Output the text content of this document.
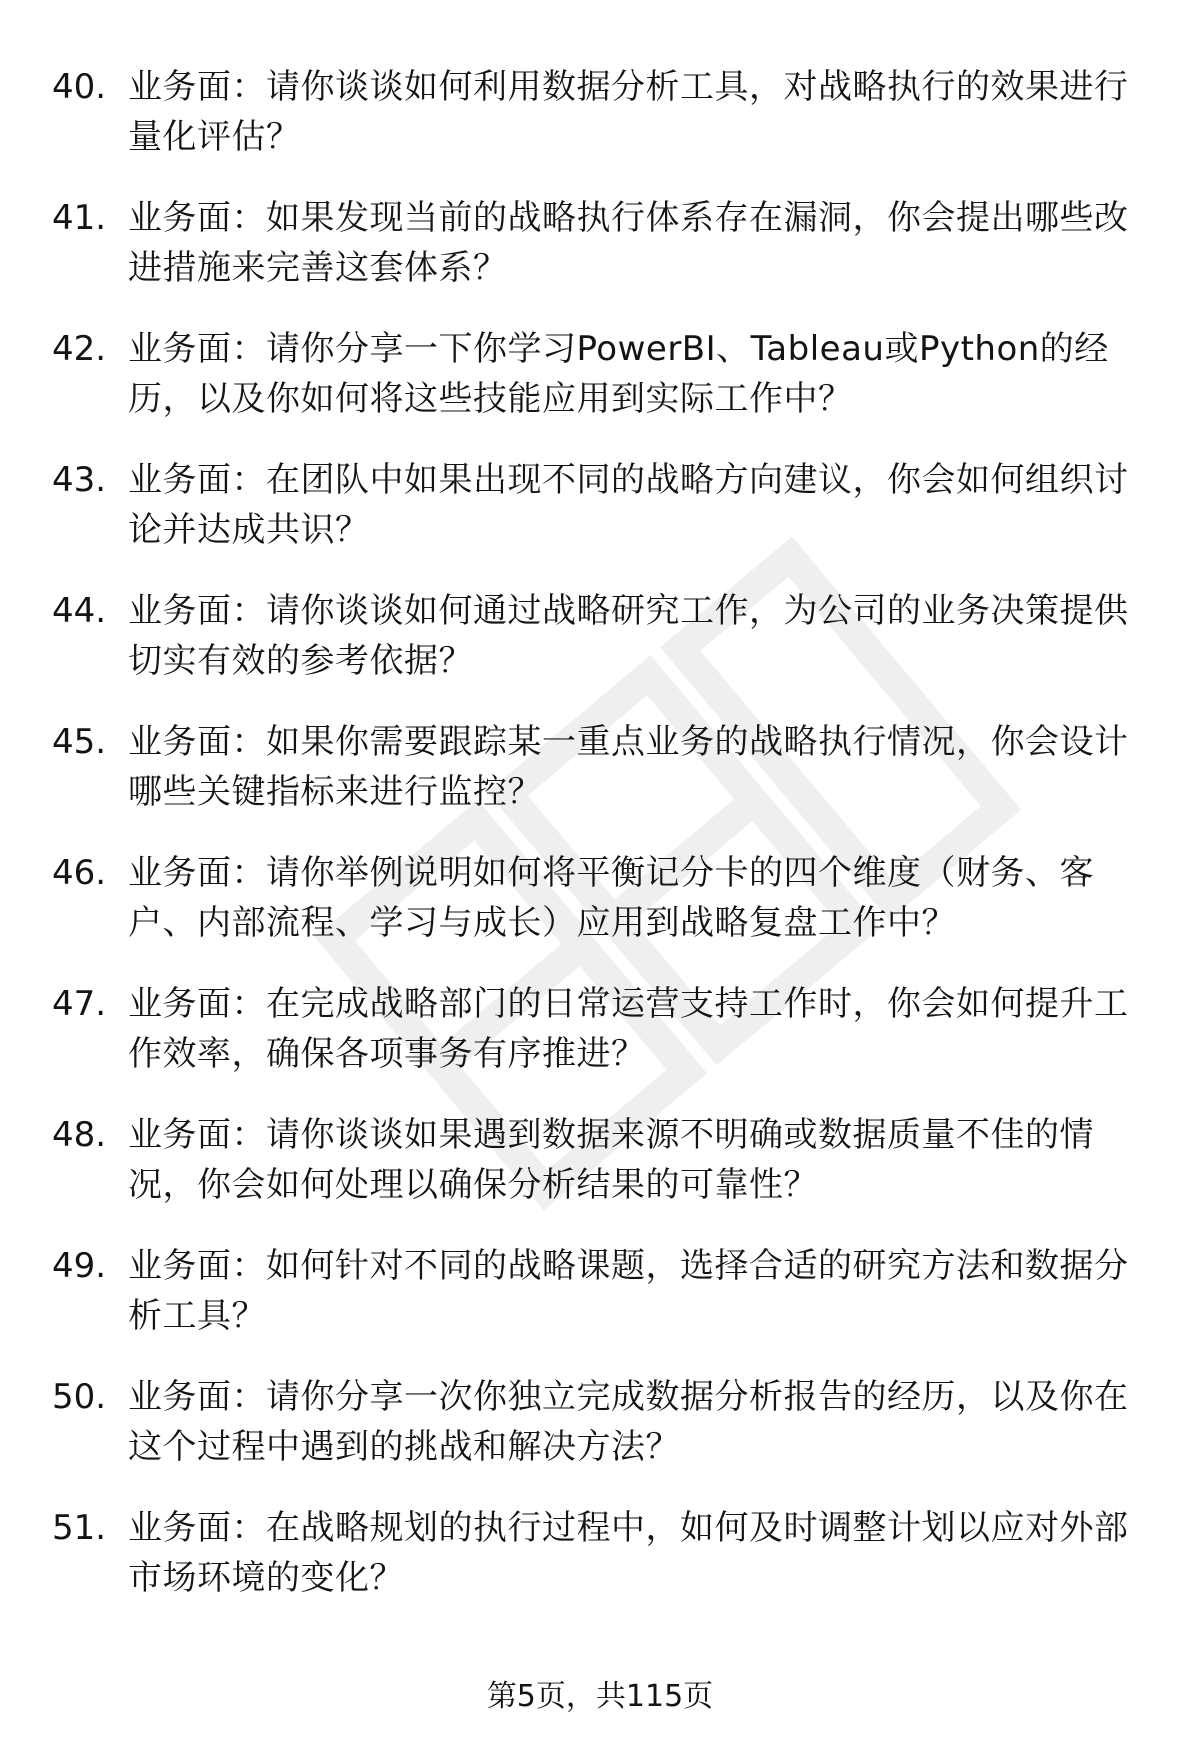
40. 业务面：请你谈谈如何利用数据分析工具，对战略执行的效果进行量化评估？
41. 业务面：如果发现当前的战略执行体系存在漏洞，你会提出哪些改进措施来完善这套体系？
42. 业务面：请你分享一下你学习PowerBI、Tableau或Python的经历，以及你如何将这些技能应用到实际工作中？
43. 业务面：在团队中如果出现不同的战略方向建议，你会如何组织讨论并达成共识？
44. 业务面：请你谈谈如何通过战略研究工作，为公司的业务决策提供切实有效的参考依据？
45. 业务面：如果你需要跟踪某一重点业务的战略执行情况，你会设计哪些关键指标来进行监控？
46. 业务面：请你举例说明如何将平衡记分卡的四个维度（财务、客户、内部流程、学习与成长）应用到战略复盘工作中？
47. 业务面：在完成战略部门的日常运营支持工作时，你会如何提升工作效率，确保各项事务有序推进？
48. 业务面：请你谈谈如果遇到数据来源不明确或数据质量不佳的情况，你会如何处理以确保分析结果的可靠性？
49. 业务面：如何针对不同的战略课题，选择合适的研究方法和数据分析工具？
50. 业务面：请你分享一次你独立完成数据分析报告的经历，以及你在这个过程中遇到的挑战和解决方法？
51. 业务面：在战略规划的执行过程中，如何及时调整计划以应对外部市场环境的变化？
第5页，共115页
